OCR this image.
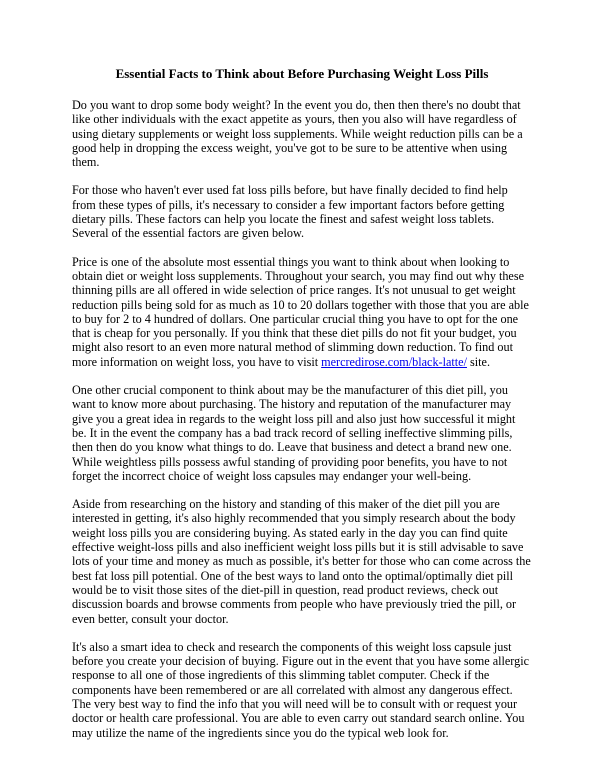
Essential Facts to Think about Before Purchasing Weight Loss Pills

Do you want to drop some body weight? In the event you do, then then there's no doubt that like other individuals with the exact appetite as yours, then you also will have regardless of using dietary supplements or weight loss supplements. While weight reduction pills can be a good help in dropping the excess weight, you've got to be sure to be attentive when using them.

For those who haven't ever used fat loss pills before, but have finally decided to find help from these types of pills, it's necessary to consider a few important factors before getting dietary pills. These factors can help you locate the finest and safest weight loss tablets. Several of the essential factors are given below.

Price is one of the absolute most essential things you want to think about when looking to obtain diet or weight loss supplements. Throughout your search, you may find out why these thinning pills are all offered in wide selection of price ranges. It's not unusual to get weight reduction pills being sold for as much as 10 to 20 dollars together with those that you are able to buy for 2 to 4 hundred of dollars. One particular crucial thing you have to opt for the one that is cheap for you personally. If you think that these diet pills do not fit your budget, you might also resort to an even more natural method of slimming down reduction. To find out more information on weight loss, you have to visit mercredirose.com/black-latte/ site.

One other crucial component to think about may be the manufacturer of this diet pill, you want to know more about purchasing. The history and reputation of the manufacturer may give you a great idea in regards to the weight loss pill and also just how successful it might be. It in the event the company has a bad track record of selling ineffective slimming pills, then then do you know what things to do. Leave that business and detect a brand new one. While weightless pills possess awful standing of providing poor benefits, you have to not forget the incorrect choice of weight loss capsules may endanger your well-being.

Aside from researching on the history and standing of this maker of the diet pill you are interested in getting, it's also highly recommended that you simply research about the body weight loss pills you are considering buying. As stated early in the day you can find quite effective weight-loss pills and also inefficient weight loss pills but it is still advisable to save lots of your time and money as much as possible, it's better for those who can come across the best fat loss pill potential. One of the best ways to land onto the optimal/optimally diet pill would be to visit those sites of the diet-pill in question, read product reviews, check out discussion boards and browse comments from people who have previously tried the pill, or even better, consult your doctor.

It's also a smart idea to check and research the components of this weight loss capsule just before you create your decision of buying. Figure out in the event that you have some allergic response to all one of those ingredients of this slimming tablet computer. Check if the components have been remembered or are all correlated with almost any dangerous effect. The very best way to find the info that you will need will be to consult with or request your doctor or health care professional. You are able to even carry out standard search online. You may utilize the name of the ingredients since you do the typical web look for.
